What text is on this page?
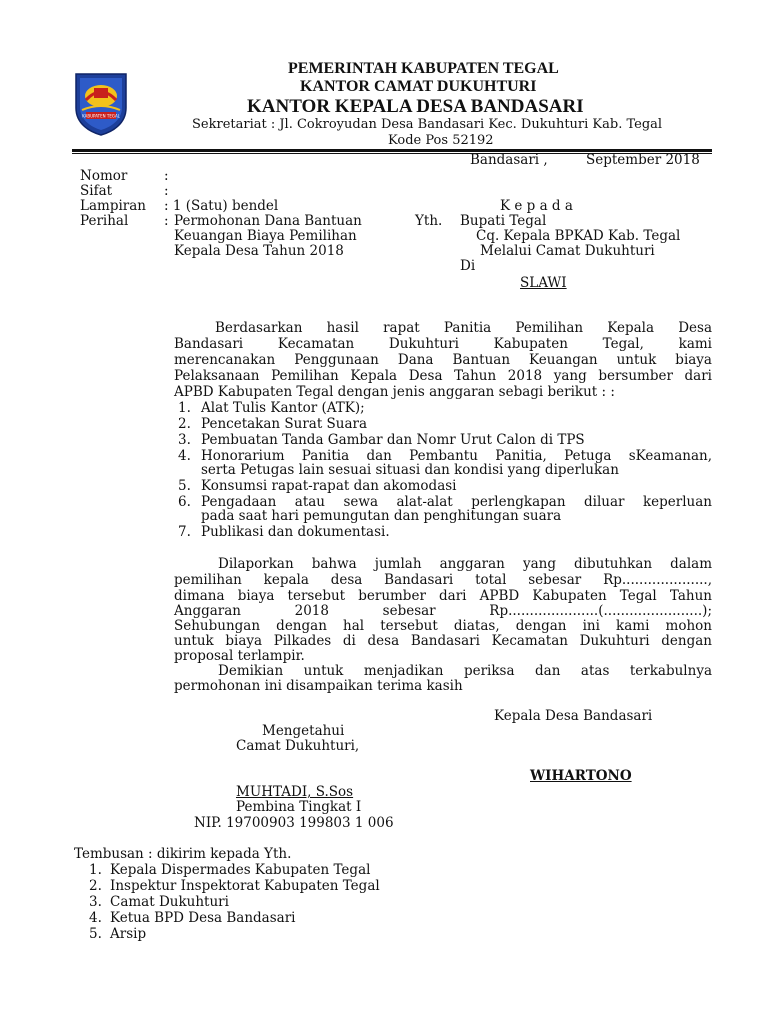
KABUPATEN TEGAL
PEMERINTAH KABUPATEN TEGAL
KANTOR CAMAT DUKUHTURI
KANTOR KEPALA DESA BANDASARI
Sekretariat : Jl. Cokroyudan Desa Bandasari Kec. Dukuhturi Kab. Tegal
Kode Pos 52192
Bandasari ,	September 2018
Nomor	:
Sifat	:
Lampiran : 1 (Satu) bendel
Perihal	: Permohonan Dana Bantuan
Keuangan Biaya Pemilihan
Kepala Desa Tahun 2018
K e p a d a
Yth. Bupati Tegal
Cq. Kepala BPKAD Kab. Tegal
Melalui Camat Dukuhturi
Di
SLAWI
Berdasarkan hasil rapat Panitia Pemilihan Kepala Desa
Bandasari Kecamatan Dukuhturi Kabupaten Tegal, kami
merencanakan Penggunaan Dana Bantuan Keuangan untuk biaya
Pelaksanaan Pemilihan Kepala Desa Tahun 2018 yang bersumber dari
APBD Kabupaten Tegal dengan jenis anggaran sebagi berikut : :
1. Alat Tulis Kantor (ATK);
2. Pencetakan Surat Suara
3. Pembuatan Tanda Gambar dan Nomr Urut Calon di TPS
4. Honorarium Panitia dan Pembantu Panitia, Petuga sKeamanan,
serta Petugas lain sesuai situasi dan kondisi yang diperlukan
5. Konsumsi rapat-rapat dan akomodasi
6. Pengadaan atau sewa alat-alat perlengkapan diluar keperluan
pada saat hari pemungutan dan penghitungan suara
7. Publikasi dan dokumentasi.
Dilaporkan bahwa jumlah anggaran yang dibutuhkan dalam
pemilihan kepala desa Bandasari total sebesar Rp....................,
dimana biaya tersebut berumber dari APBD Kabupaten Tegal Tahun
Anggaran 2018 sebesar Rp.....................(.......................);
Sehubungan dengan hal tersebut diatas, dengan ini kami mohon
untuk biaya Pilkades di desa Bandasari Kecamatan Dukuhturi dengan
proposal terlampir.
Demikian untuk menjadikan periksa dan atas terkabulnya
permohonan ini disampaikan terima kasih
Kepala Desa Bandasari
WIHARTONO
Mengetahui
Camat Dukuhturi,
MUHTADI, S.Sos
Pembina Tingkat I
NIP. 19700903 199803 1 006
Tembusan : dikirim kepada Yth.
1. Kepala Dispermades Kabupaten Tegal
2. Inspektur Inspektorat Kabupaten Tegal
3. Camat Dukuhturi
4. Ketua BPD Desa Bandasari
5. Arsip
